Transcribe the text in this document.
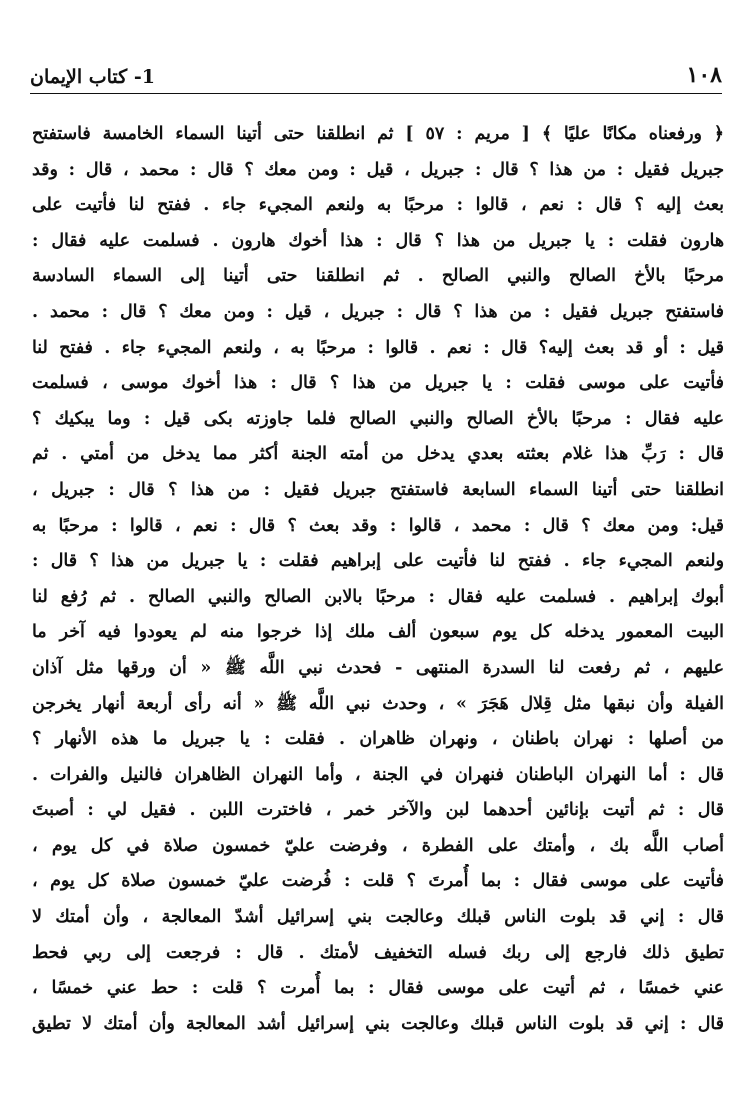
١٠٨
1- كتاب الإيمان
﴿ ورفعناه مكانًا عليًا ﴾ [ مريم : ٥٧ ] ثم انطلقنا حتى أتينا السماء الخامسة فاستفتح
جبريل فقيل : من هذا ؟ قال : جبريل ، قيل : ومن معك ؟ قال : محمد ، قال : وقد
بعث إليه ؟ قال : نعم ، قالوا : مرحبًا به ولنعم المجيء جاء . ففتح لنا فأتيت على
هارون فقلت : يا جبريل من هذا ؟ قال : هذا أخوك هارون . فسلمت عليه فقال :
مرحبًا بالأخ الصالح والنبي الصالح . ثم انطلقنا حتى أتينا إلى السماء السادسة
فاستفتح جبريل فقيل : من هذا ؟ قال : جبريل ، قيل : ومن معك ؟ قال : محمد .
قيل : أو قد بعث إليه؟ قال : نعم . قالوا : مرحبًا به ، ولنعم المجيء جاء . ففتح لنا
فأتيت على موسى فقلت : يا جبريل من هذا ؟ قال : هذا أخوك موسى ، فسلمت
عليه فقال : مرحبًا بالأخ الصالح والنبي الصالح فلما جاوزته بكى قيل : وما يبكيك ؟
قال : رَبِّ هذا غلام بعثته بعدي يدخل من أمته الجنة أكثر مما يدخل من أمتي . ثم
انطلقنا حتى أتينا السماء السابعة فاستفتح جبريل فقيل : من هذا ؟ قال : جبريل ،
قيل: ومن معك ؟ قال : محمد ، قالوا : وقد بعث ؟ قال : نعم ، قالوا : مرحبًا به
ولنعم المجيء جاء . ففتح لنا فأتيت على إبراهيم فقلت : يا جبريل من هذا ؟ قال :
أبوك إبراهيم . فسلمت عليه فقال : مرحبًا بالابن الصالح والنبي الصالح . ثم رُفع لنا
البيت المعمور يدخله كل يوم سبعون ألف ملك إذا خرجوا منه لم يعودوا فيه آخر ما
عليهم ، ثم رفعت لنا السدرة المنتهى - فحدث نبي اللَّه ﷺ « أن ورقها مثل آذان
الفيلة وأن نبقها مثل قِلال هَجَرَ » ، وحدث نبي اللَّه ﷺ « أنه رأى أربعة أنهار يخرجن
من أصلها : نهران باطنان ، ونهران ظاهران . فقلت : يا جبريل ما هذه الأنهار ؟
قال : أما النهران الباطنان فنهران في الجنة ، وأما النهران الظاهران فالنيل والفرات .
قال : ثم أتيت بإنائين أحدهما لبن والآخر خمر ، فاخترت اللبن . فقيل لي : أصبتَ
أصاب اللَّه بك ، وأمتك على الفطرة ، وفرضت عليّ خمسون صلاة في كل يوم ،
فأتيت على موسى فقال : بما أُمرتَ ؟ قلت : فُرضت عليّ خمسون صلاة كل يوم ،
قال : إني قد بلوت الناس قبلك وعالجت بني إسرائيل أشدّ المعالجة ، وأن أمتك لا
تطيق ذلك فارجع إلى ربك فسله التخفيف لأمتك . قال : فرجعت إلى ربي فحط
عني خمسًا ، ثم أتيت على موسى فقال : بما أُمرت ؟ قلت : حط عني خمسًا ،
قال : إني قد بلوت الناس قبلك وعالجت بني إسرائيل أشد المعالجة وأن أمتك لا تطيق
